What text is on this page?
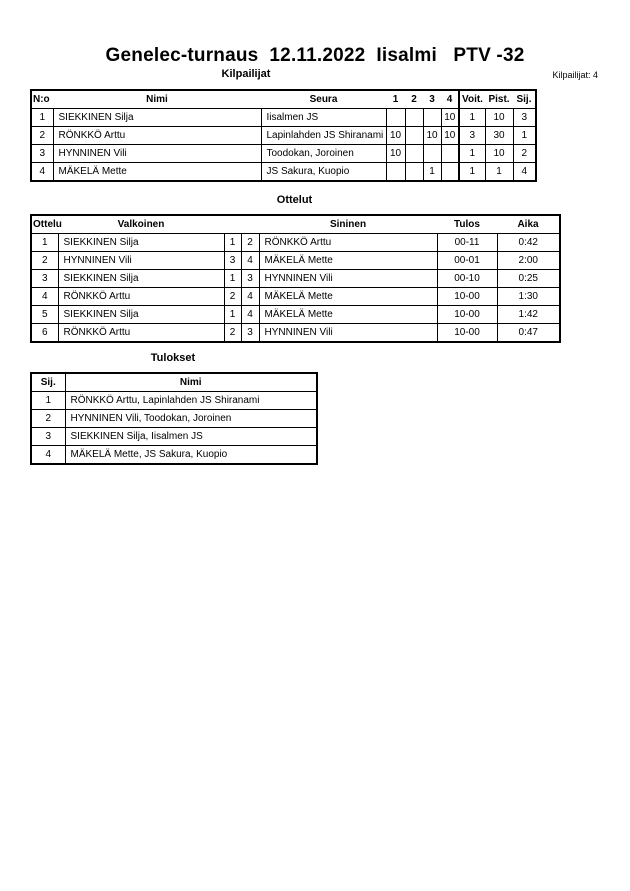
Genelec-turnaus  12.11.2022  Iisalmi   PTV -32
Kilpailijat	Kilpailijat: 4
N:o	Nimi	Seura	1	2	3	4	Voit.	Pist.	Sij.
1	SIEKKINEN Silja	Iisalmen JS				10	1	10	3
2	RÖNKKÖ Arttu	Lapinlahden JS Shiranami	10		10	10	3	30	1
3	HYNNINEN Vili	Toodokan, Joroinen	10				1	10	2
4	MÄKELÄ Mette	JS Sakura, Kuopio			1		1	1	4
Ottelut
Ottelu	Valkoinen			Sininen	Tulos	Aika
1	SIEKKINEN Silja	1	2	RÖNKKÖ Arttu	00-11	0:42
2	HYNNINEN Vili	3	4	MÄKELÄ Mette	00-01	2:00
3	SIEKKINEN Silja	1	3	HYNNINEN Vili	00-10	0:25
4	RÖNKKÖ Arttu	2	4	MÄKELÄ Mette	10-00	1:30
5	SIEKKINEN Silja	1	4	MÄKELÄ Mette	10-00	1:42
6	RÖNKKÖ Arttu	2	3	HYNNINEN Vili	10-00	0:47
Tulokset
Sij.	Nimi
1	RÖNKKÖ Arttu, Lapinlahden JS Shiranami
2	HYNNINEN Vili, Toodokan, Joroinen
3	SIEKKINEN Silja, Iisalmen JS
4	MÄKELÄ Mette, JS Sakura, Kuopio
